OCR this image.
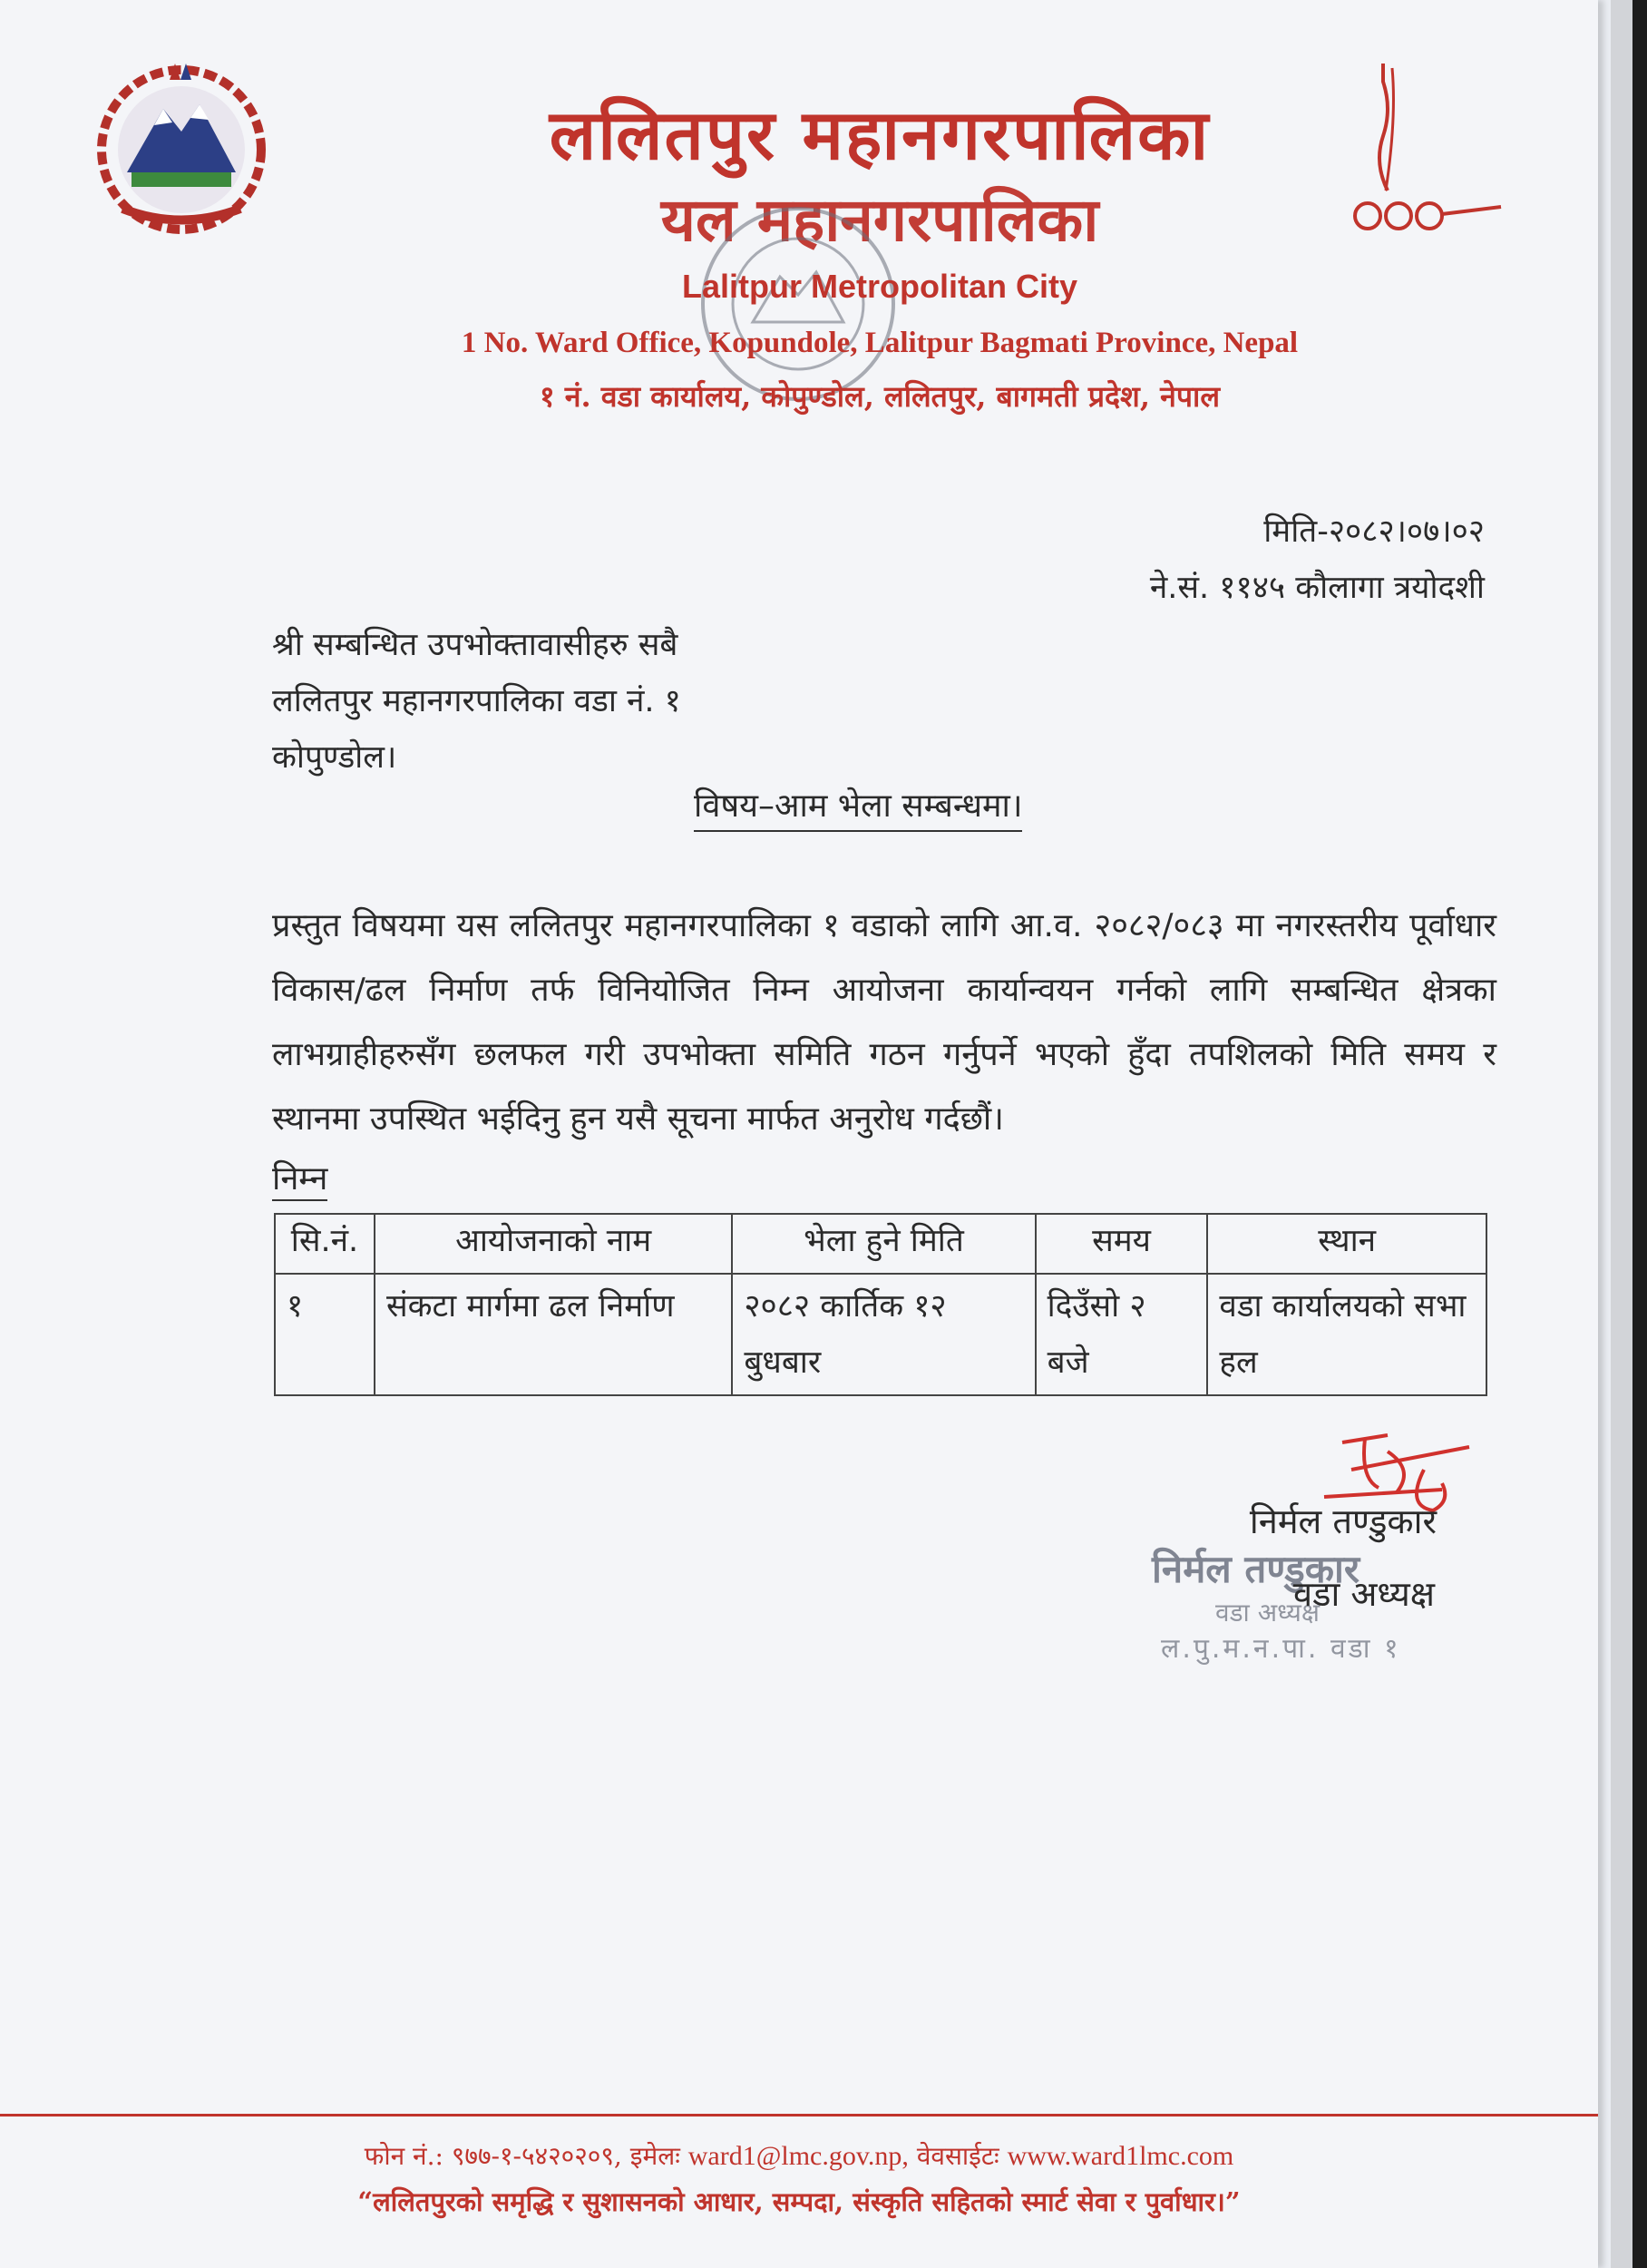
ललितपुर महानगरपालिका
यल महानगरपालिका
Lalitpur Metropolitan City
1 No. Ward Office, Kopundole, Lalitpur Bagmati Province, Nepal
१ नं. वडा कार्यालय, कोपुण्डोल, ललितपुर, बागमती प्रदेश, नेपाल
मिति-२०८२।०७।०२
ने.सं. ११४५ कौलागा त्रयोदशी
श्री सम्बन्धित उपभोक्तावासीहरु सबै
ललितपुर महानगरपालिका वडा नं. १
कोपुण्डोल।
विषय–आम भेला सम्बन्धमा।
प्रस्तुत विषयमा यस ललितपुर महानगरपालिका १ वडाको लागि आ.व. २०८२/०८३ मा नगरस्तरीय पूर्वाधार विकास/ढल निर्माण तर्फ विनियोजित निम्न आयोजना कार्यान्वयन गर्नको लागि सम्बन्धित क्षेत्रका लाभग्राहीहरुसँग छलफल गरी उपभोक्ता समिति गठन गर्नुपर्ने भएको हुँदा तपशिलको मिति समय र स्थानमा उपस्थित भईदिनु हुन यसै सूचना मार्फत अनुरोध गर्दछौं।
निम्न
सि.नं.	आयोजनाको नाम	भेला हुने मिति	समय	स्थान
१	संकटा मार्गमा ढल निर्माण	२०८२ कार्तिक १२ बुधबार	दिउँसो २ बजे	वडा कार्यालयको सभा हल
निर्मल तण्डुकार
वडा अध्यक्ष
ल.पु.म.न.पा. वडा १
निर्मल तण्डुकार
वडा अध्यक्ष
फोन नं.: ९७७-१-५४२०२०९, इमेलः ward1@lmc.gov.np, वेवसाईटः www.ward1lmc.com
“ललितपुरको समृद्धि र सुशासनको आधार, सम्पदा, संस्कृति सहितको स्मार्ट सेवा र पुर्वाधार।”
